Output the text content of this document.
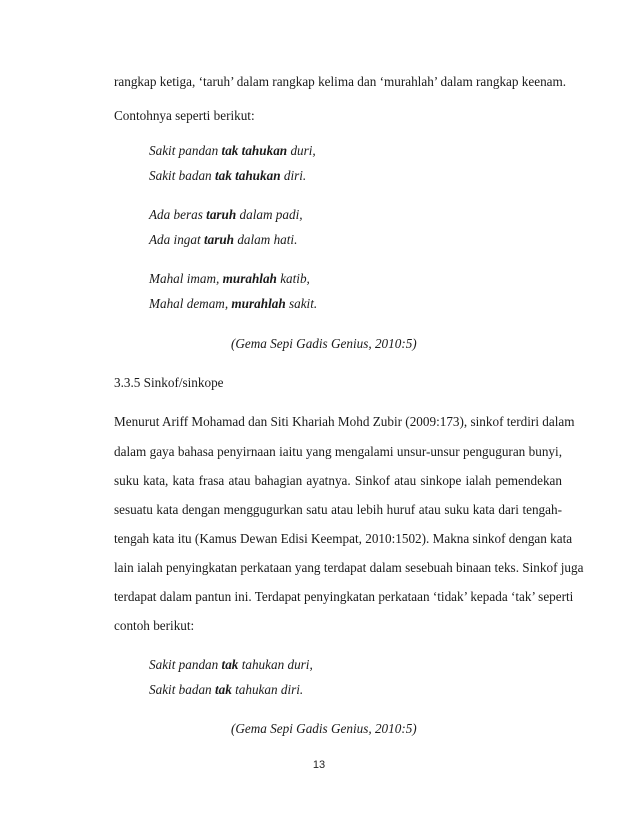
rangkap ketiga, ‘taruh’ dalam rangkap kelima dan ‘murahlah’ dalam rangkap keenam.
Contohnya seperti berikut:
Sakit pandan tak tahukan duri,
Sakit badan tak tahukan diri.
Ada beras taruh dalam padi,
Ada ingat taruh dalam hati.
Mahal imam, murahlah katib,
Mahal demam, murahlah sakit.
(Gema Sepi Gadis Genius, 2010:5)
3.3.5 Sinkof/sinkope
Menurut Ariff Mohamad dan Siti Khariah Mohd Zubir (2009:173), sinkof terdiri dalam
dalam gaya bahasa penyirnaan iaitu yang mengalami unsur-unsur penguguran bunyi,
suku kata, kata frasa atau bahagian ayatnya. Sinkof atau sinkope ialah pemendekan
sesuatu kata dengan menggugurkan satu atau lebih huruf atau suku kata dari tengah-
tengah kata itu (Kamus Dewan Edisi Keempat, 2010:1502). Makna sinkof dengan kata
lain ialah penyingkatan perkataan yang terdapat dalam sesebuah binaan teks. Sinkof juga
terdapat dalam pantun ini. Terdapat penyingkatan perkataan ‘tidak’ kepada ‘tak’ seperti
contoh berikut:
Sakit pandan tak tahukan duri,
Sakit badan tak tahukan diri.
(Gema Sepi Gadis Genius, 2010:5)
13
